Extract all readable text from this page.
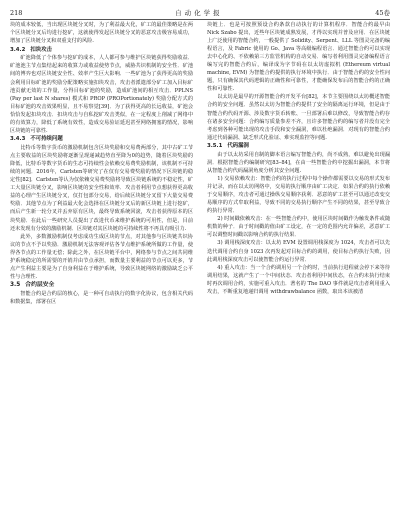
218	自动化学报	45卷

块的成本较低，当出现区块链分叉时，为了利益最大化，矿工的最佳策略是在两个区块链分叉后均进行挖矿，这就使得发起区块链分叉的恶意攻击极容易成功，增加了区块链分叉和双重支付的风险.

3.4.2 扣块攻击

矿池降低了个体参与挖矿的成本，人人都可参与维护区块链获得奖励收益．矿池池主节点集结起来的收算力或收益使势节点，威胁共识机制的安全性．矿池间的博弈也对区块链安全性、效率产生巨大影响．一些矿池为了获得更高的奖励会利用目标矿池的奖励分配策略实施扣块攻击，攻击者派遣部分矿工加入目标矿池贡献无效的工作量，分得目标矿池的奖励，造成矿池间的相互攻击．PPLNS (Pay per last N shares) 模式和 PROP (PROPortionately) 奖励分配方式的目标矿池的攻击效果明显，且不易察觉[39]．为了获得更高的长远收益，矿池会恰恰发起扣块攻击．扣块攻击与自私挖矿攻击类似，在一定程度上削减了网络中的有效算力，降低了系统有效性，造成交易验证延迟甚至网络拥塞的情况，影响区块链的可靠性.

3.4.3 不可持续问题

比特币等数字货币的激励机制包含区块奖励和交易费两部分，其中古矿工节点主要收益的区块奖励将逐渐呈现递减趋势直至降为0的趋势，随着区块奖励的降低，比特币等数字货币的生态可持续性会依赖交易费奖励机制，该机制不可持续的问题．2016年，Carlsten等研究了在仅有交易费奖励的情况下区块链的稳定性[82]．Carlsten等认为仅依赖交易费奖励将导致区块链系统的不稳定性，矿工大量区块链分叉，影响区块链的安全性和效率．攻击者利用节点想获得更高收益的心理产生区块链分叉，仅打包部分交易，给后续区块链分叉留下大量交易费奖励．其他节点为了利益最大化会选择在区块链分叉后的新区块链上进行挖矿，而后产生新一轮分叉并丢弃原有区块，最终导致系统回滚，攻击者获得原本的区块奖励．在此后一些研究人员提出了改进代币来维护系统的可用性，但是，目前还未发现有分效的激励机制．区块链对其区块链的可持续性将不再具有吸引力.

此外，多数激励机制仅考虑成功生成区块的节点，对其他参与区块链共识协议的节点不予以奖励．激励机制无法客观评估各节点维护系统所做的工作量，使得各节点的工作量无偿；除此之外，在区块链平台中，网络参与节点之间共同维护系统稳定的所需要的开销并由节点承担，而数量主要利益的节点可以更多，节点产生利益主要是为了自身利益在于维护系统，导致区块链网络的激励缺乏公平性与合理性.

3.5 合约层安全

智能合约是合约层的核心，是一种可自动执行的数字化协议，包含相关代码和数据集，部署在区

块链上．也是可按照预设合约条款自动执行的计算机程序．智能合约最早由 Nick Szabo 提出，近些年区块链成熟发展，才得以实现并普及应用．在区块链上广泛使用的智能合约，一般提供了 Solidity、Serpent、LLL 等图灵完备的编程语言，及 Fabric 使用的 Go、Java 等高级编程语言．通过智能合约可以实现去中心化的、不依赖第三方监管机构的自动交易．编写者利用图灵完备编程语言编写完的智能合约后，编译成为字节码在以太坊虚拟机 (Ethereum virtual machine, EVM) 为智能合约提供的执行环境中执行．由于智能合约的安全性问题，只有确保其代码逻辑的正确性和可靠性，才能确保发布后的智能合约的正确性和可靠性.

以太坊是最早的开源智能合约开发平台[82]，本节主要围绕以太坊概述智能合约的安全问题．虽然以太坊为智能合约提供了安全的隔离运行环境，但是由于智能合约代码开源、涉及数字货币转账、一旦部署后难以修改，导致智能合约存在诸多安全问题：合约编写质量参差不齐，且许多智能合约的编写者并没有完全考虑到各种可能出现的攻击手段和安全漏洞，难以杜绝漏洞．对现有的智能合约通过代码漏洞、缺乏形式化验证、难实现监控等问题.

3.5.1 代码漏洞

由于以太坊采用自制的脚本语言编写智能合约，尚不成熟，难以避免出现漏洞．根据智能合约编制研究[83–84]，在由一些智能合约中挖掘出漏洞，本节将从智能合约代码漏洞角度分析其安全问题.

1) 交易依赖攻击：智能合约的执行过程中每个操作都需要以交易的形式发布并记录，而在以太坊网络中，交易的执行顺序由矿工决定．如果合约的执行依赖于交易顺序，攻击者可通过操纵交易顺序获利．恶意的矿工甚至可以通过改变交易顺序的方式牟取利益，导致不同的交易执行顺序产生不同的结果，甚至导致合约执行异常．

2) 时间戳依赖攻击：在一些智能合约中，使用区块时间戳作为触发条件或随机数的种子．由于时间戳的值由矿工设定，在一定的范围内允许偏差，恶意矿工可以调整时间戳以影响合约的执行结果．

3) 调用栈深度攻击：以太坊 EVM 设置调用栈深度为 1024，攻击者可以先迭代调用合约自身 1023 次再发起对目标合约的调用，使目标合约执行失败，因此调用栈深度攻击可以使智能合约运行异常．

4) 重入攻击：当一个合约调用另一个合约时，当前执行进程就会停下来等待调用结果，这就产生了一个中间状态．攻击者利用中间状态，在合约未执行结束时再次调用合约，实施可重入攻击．著名的 The DAO 事件就是攻击者利用重入攻击，不断重复地递归调用 withdrawbalance 函数，取出本该被清
